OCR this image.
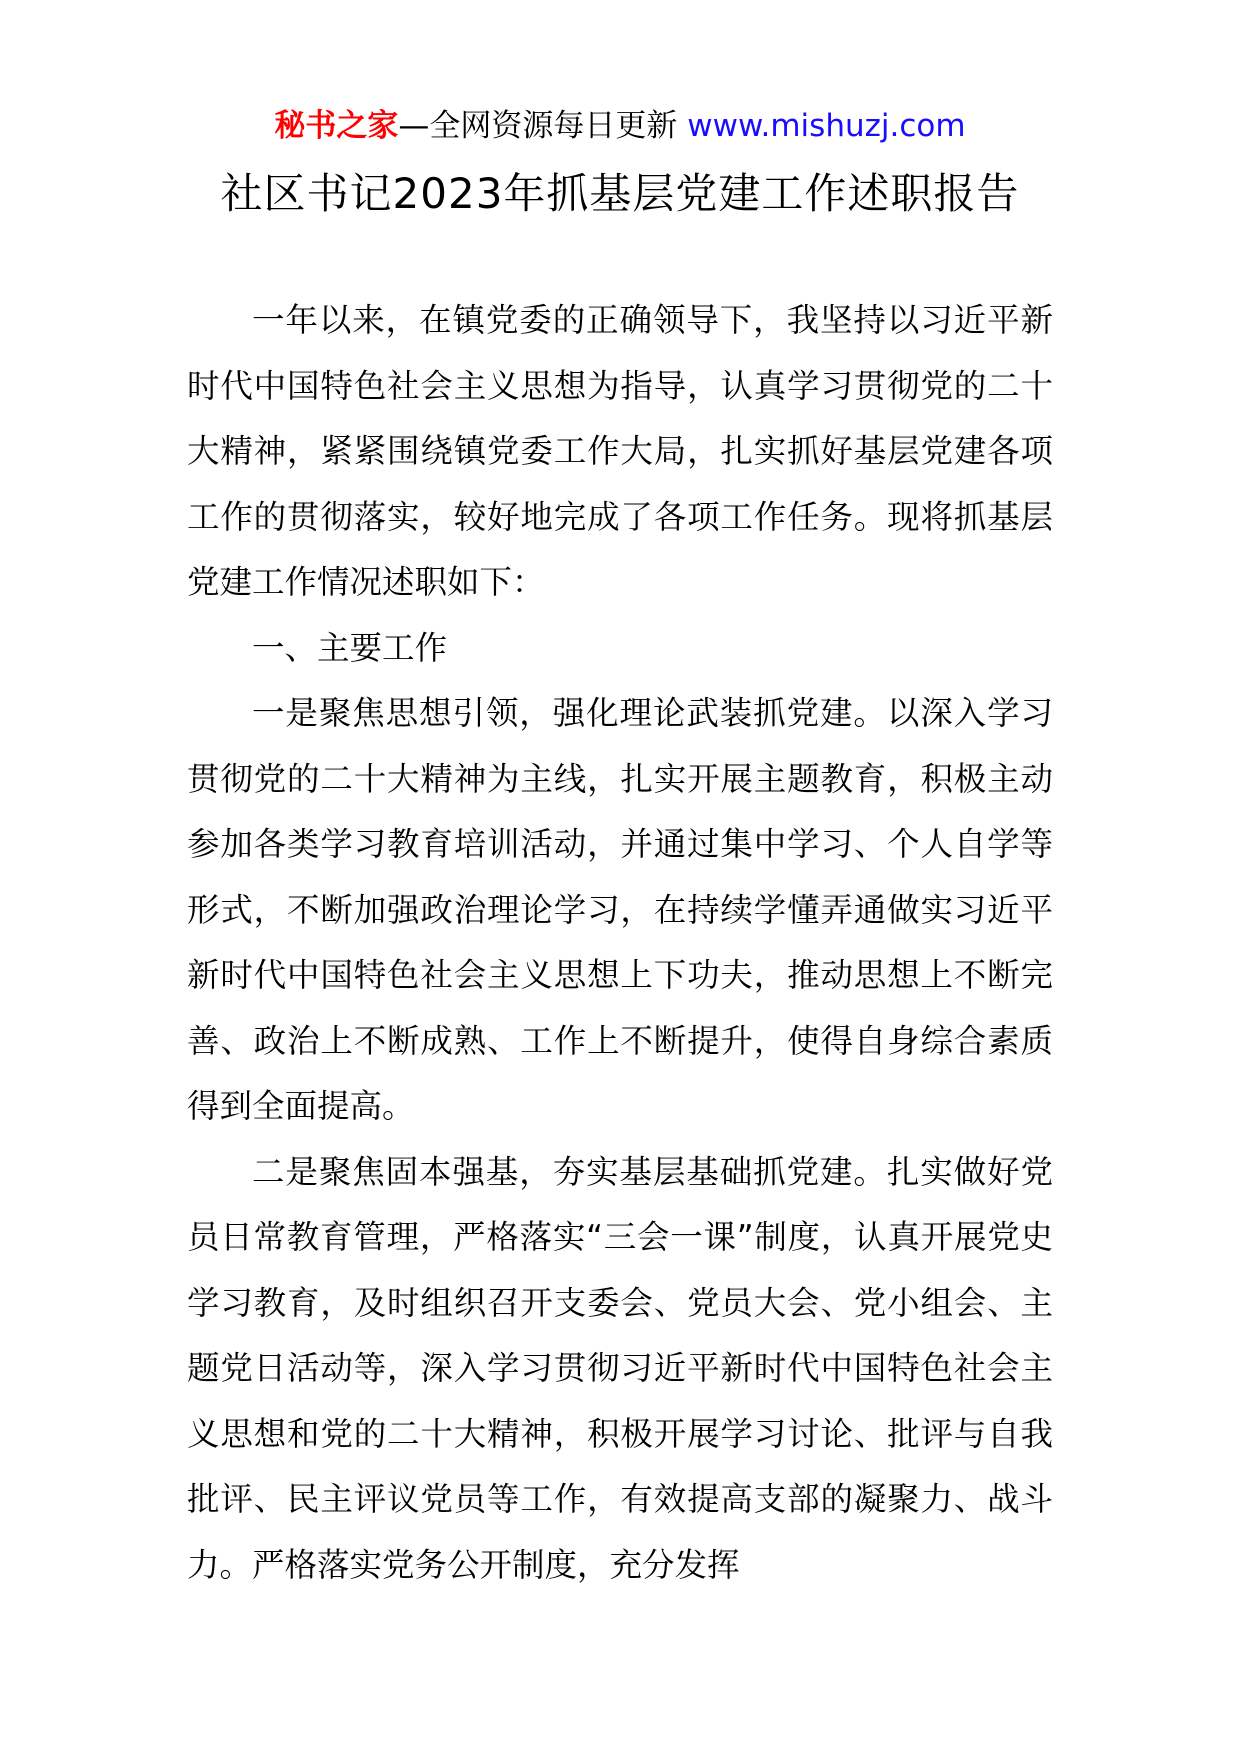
秘书之家—全网资源每日更新 www.mishuzj.com
社区书记2023年抓基层党建工作述职报告

一年以来，在镇党委的正确领导下，我坚持以习近平新时代中国特色社会主义思想为指导，认真学习贯彻党的二十大精神，紧紧围绕镇党委工作大局，扎实抓好基层党建各项工作的贯彻落实，较好地完成了各项工作任务。现将抓基层党建工作情况述职如下：

一、主要工作

一是聚焦思想引领，强化理论武装抓党建。以深入学习贯彻党的二十大精神为主线，扎实开展主题教育，积极主动参加各类学习教育培训活动，并通过集中学习、个人自学等形式，不断加强政治理论学习，在持续学懂弄通做实习近平新时代中国特色社会主义思想上下功夫，推动思想上不断完善、政治上不断成熟、工作上不断提升，使得自身综合素质得到全面提高。

二是聚焦固本强基，夯实基层基础抓党建。扎实做好党员日常教育管理，严格落实“三会一课”制度，认真开展党史学习教育，及时组织召开支委会、党员大会、党小组会、主题党日活动等，深入学习贯彻习近平新时代中国特色社会主义思想和党的二十大精神，积极开展学习讨论、批评与自我批评、民主评议党员等工作，有效提高支部的凝聚力、战斗力。严格落实党务公开制度，充分发挥
